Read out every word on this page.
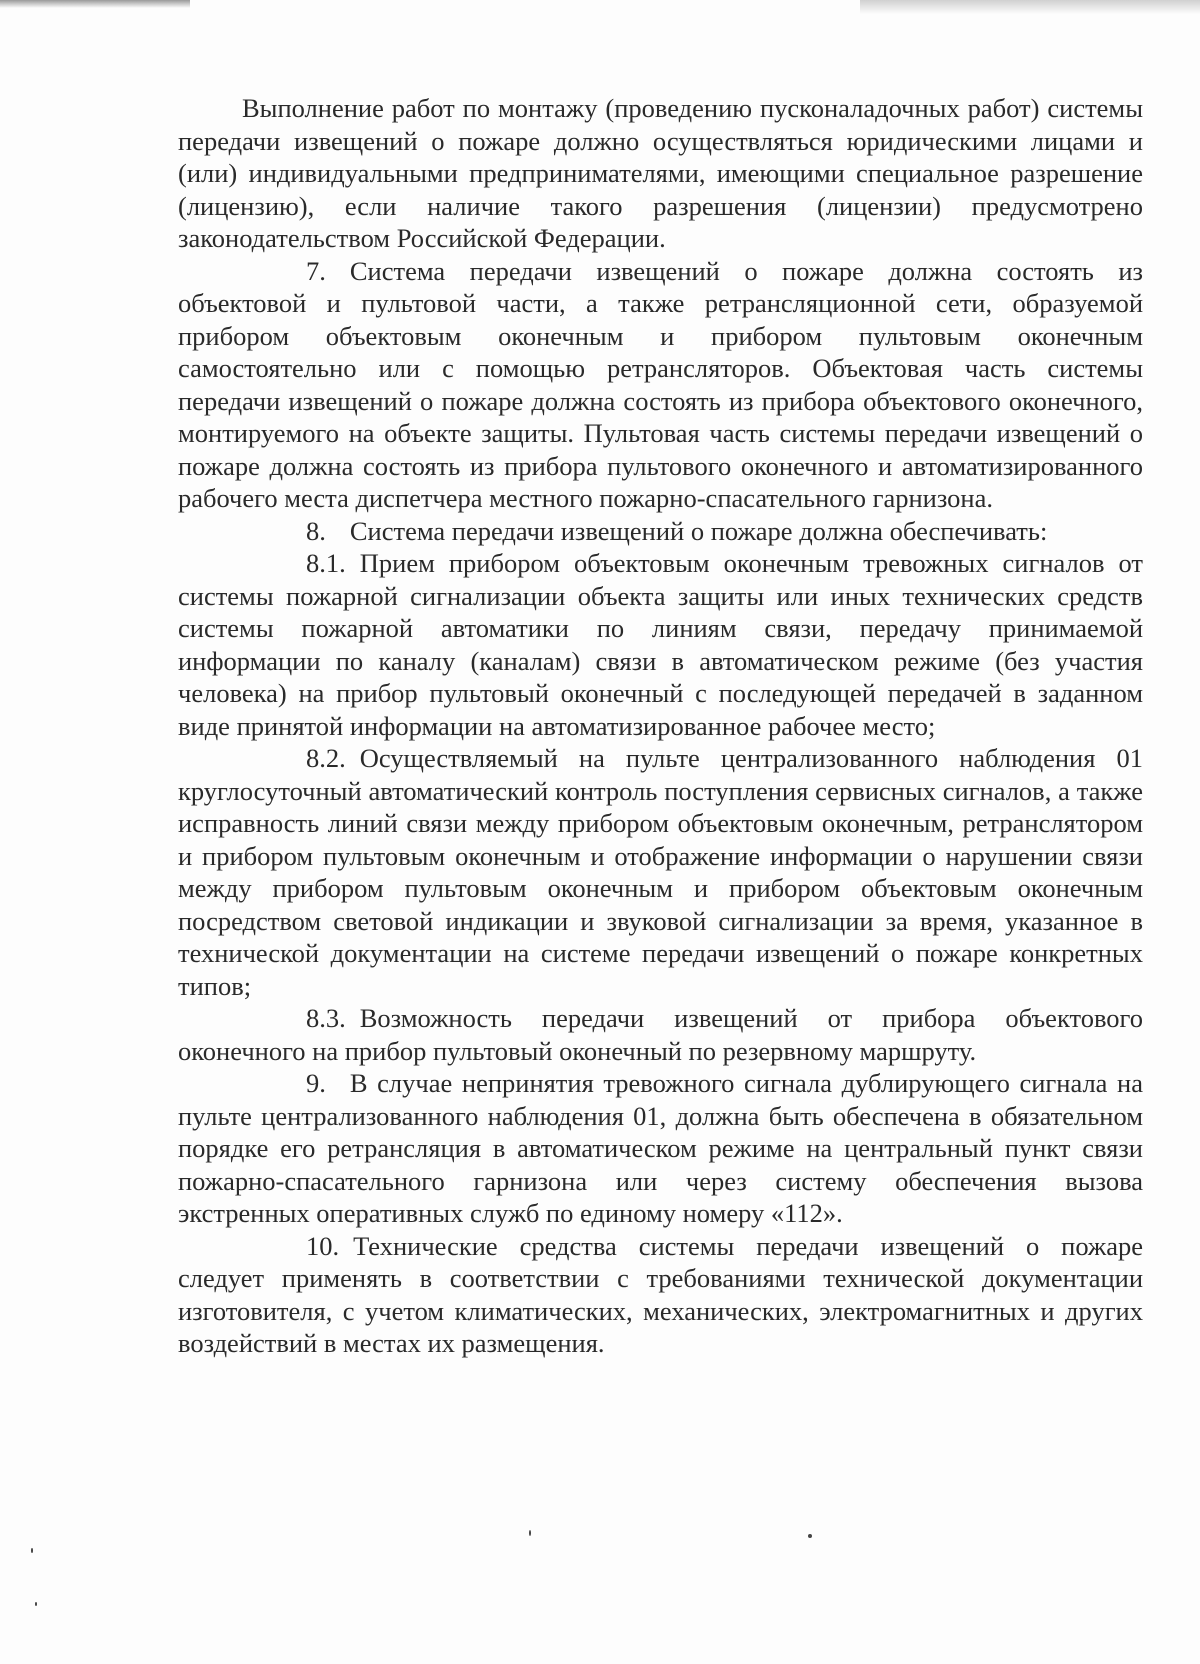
Выполнение работ по монтажу (проведению пусконаладочных работ) системы передачи извещений о пожаре должно осуществляться юридическими лицами и (или) индивидуальными предпринимателями, имеющими специальное разрешение (лицензию), если наличие такого разрешения (лицензии) предусмотрено законодательством Российской Федерации.

7. Система передачи извещений о пожаре должна состоять из объектовой и пультовой части, а также ретрансляционной сети, образуемой прибором объектовым оконечным и прибором пультовым оконечным самостоятельно или с помощью ретрансляторов. Объектовая часть системы передачи извещений о пожаре должна состоять из прибора объектового оконечного, монтируемого на объекте защиты. Пультовая часть системы передачи извещений о пожаре должна состоять из прибора пультового оконечного и автоматизированного рабочего места диспетчера местного пожарно-спасательного гарнизона.

8. Система передачи извещений о пожаре должна обеспечивать:

8.1. Прием прибором объектовым оконечным тревожных сигналов от системы пожарной сигнализации объекта защиты или иных технических средств системы пожарной автоматики по линиям связи, передачу принимаемой информации по каналу (каналам) связи в автоматическом режиме (без участия человека) на прибор пультовый оконечный с последующей передачей в заданном виде принятой информации на автоматизированное рабочее место;

8.2. Осуществляемый на пульте централизованного наблюдения 01 круглосуточный автоматический контроль поступления сервисных сигналов, а также исправность линий связи между прибором объектовым оконечным, ретранслятором и прибором пультовым оконечным и отображение информации о нарушении связи между прибором пультовым оконечным и прибором объектовым оконечным посредством световой индикации и звуковой сигнализации за время, указанное в технической документации на системе передачи извещений о пожаре конкретных типов;

8.3. Возможность передачи извещений от прибора объектового оконечного на прибор пультовый оконечный по резервному маршруту.

9. В случае непринятия тревожного сигнала дублирующего сигнала на пульте централизованного наблюдения 01, должна быть обеспечена в обязательном порядке его ретрансляция в автоматическом режиме на центральный пункт связи пожарно-спасательного гарнизона или через систему обеспечения вызова экстренных оперативных служб по единому номеру «112».

10. Технические средства системы передачи извещений о пожаре следует применять в соответствии с требованиями технической документации изготовителя, с учетом климатических, механических, электромагнитных и других воздействий в местах их размещения.
